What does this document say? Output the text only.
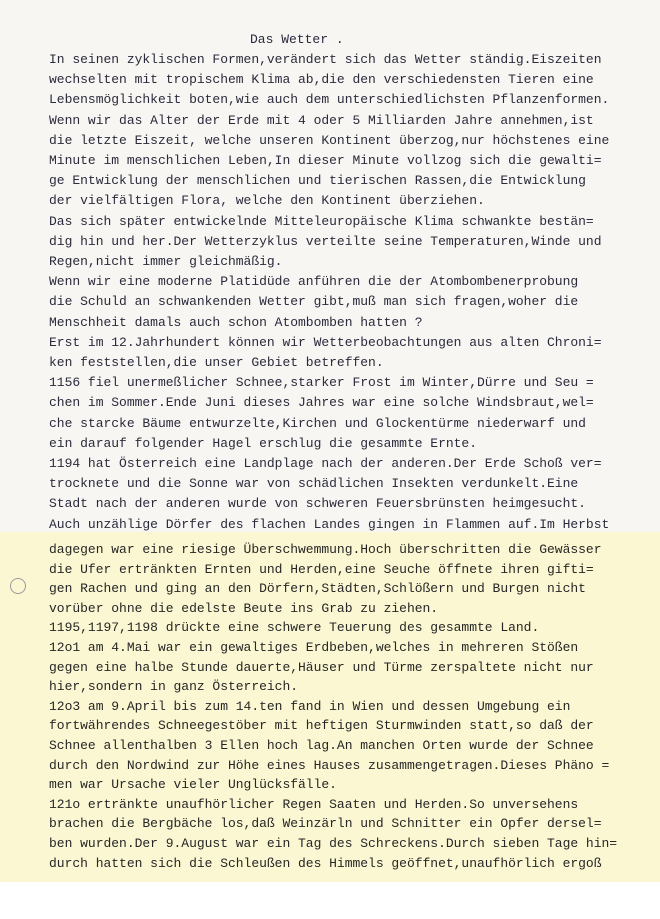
Das Wetter .
In seinen zyklischen Formen,verändert sich das Wetter ständig.Eiszeiten
wechselten mit tropischem Klima ab,die den verschiedensten Tieren eine
Lebensmöglichkeit boten,wie auch dem unterschiedlichsten Pflanzenformen.
Wenn wir das Alter der Erde mit 4 oder 5 Milliarden Jahre annehmen,ist
die letzte Eiszeit, welche unseren Kontinent überzog,nur höchstenes eine
Minute im menschlichen Leben,In dieser Minute vollzog sich die gewalti=
ge Entwicklung der menschlichen und tierischen Rassen,die Entwicklung
der vielfältigen Flora, welche den Kontinent überziehen.
Das sich später entwickelnde Mitteleuropäische Klima schwankte bestän=
dig hin und her.Der Wetterzyklus verteilte seine Temperaturen,Winde und
Regen,nicht immer gleichmäßig.
Wenn wir eine moderne Platidüde anführen die der Atombombenerprobung
die Schuld an schwankenden Wetter gibt,muß man sich fragen,woher die
Menschheit damals auch schon Atombomben hatten ?
Erst im 12.Jahrhundert können wir Wetterbeobachtungen aus alten Chroni=
ken feststellen,die unser Gebiet betreffen.
1156 fiel unermeßlicher Schnee,starker Frost im Winter,Dürre und Seu =
chen im Sommer.Ende Juni dieses Jahres war eine solche Windsbraut,wel=
che starcke Bäume entwurzelte,Kirchen und Glockentürme niederwarf und
ein darauf folgender Hagel erschlug die gesammte Ernte.
1194 hat Österreich eine Landplage nach der anderen.Der Erde Schoß ver=
trocknete und die Sonne war von schädlichen Insekten verdunkelt.Eine
Stadt nach der anderen wurde von schweren Feuersbrünsten heimgesucht.
Auch unzählige Dörfer des flachen Landes gingen in Flammen auf.Im Herbst
dagegen war eine riesige Überschwemmung.Hoch überschritten die Gewässer
die Ufer ertränkten Ernten und Herden,eine Seuche öffnete ihren gifti=
gen Rachen und ging an den Dörfern,Städten,Schlößern und Burgen nicht
vorüber ohne die edelste Beute ins Grab zu ziehen.
1195,1197,1198 drückte eine schwere Teuerung des gesammte Land.
12o1 am 4.Mai war ein gewaltiges Erdbeben,welches in mehreren Stößen
gegen eine halbe Stunde dauerte,Häuser und Türme zerspaltete nicht nur
hier,sondern in ganz Österreich.
12o3 am 9.April bis zum 14.ten fand in Wien und dessen Umgebung ein
fortwährendes Schneegestöber mit heftigen Sturmwinden statt,so daß der
Schnee allenthalben 3 Ellen hoch lag.An manchen Orten wurde der Schnee
durch den Nordwind zur Höhe eines Hauses zusammengetragen.Dieses Phäno =
men war Ursache vieler Unglücksfälle.
121o ertränkte unaufhörlicher Regen Saaten und Herden.So unversehens
brachen die Bergbäche los,daß Weinzärln und Schnitter ein Opfer dersel=
ben wurden.Der 9.August war ein Tag des Schreckens.Durch sieben Tage hin=
durch hatten sich die Schleußen des Himmels geöffnet,unaufhörlich ergoß
